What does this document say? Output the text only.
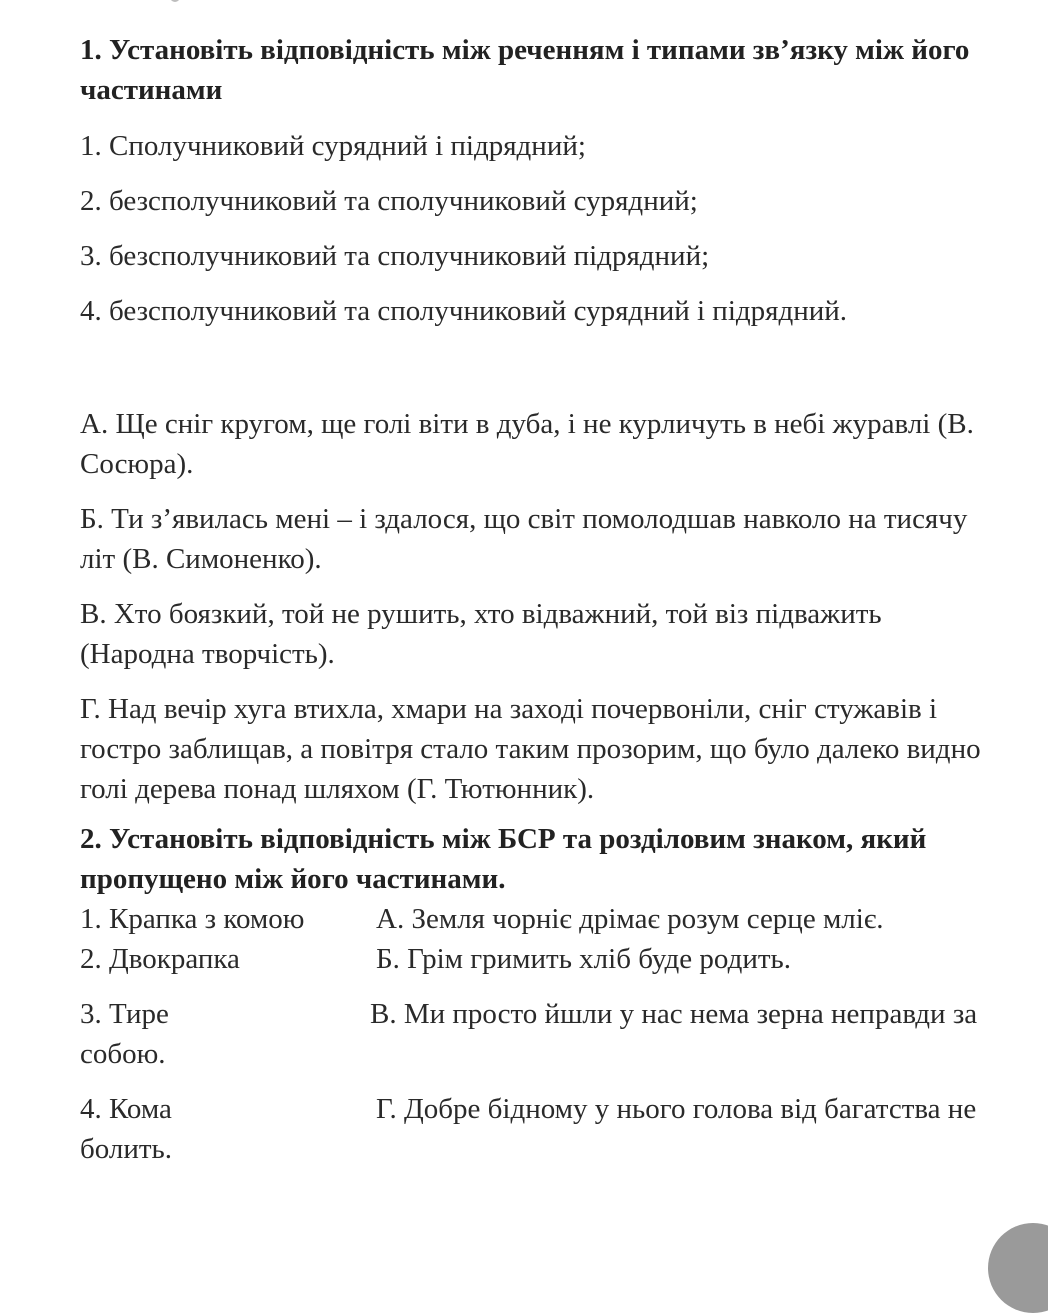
1. Установіть відповідність між реченням і типами зв’язку між його частинами

1. Сполучниковий сурядний і підрядний;

2. безсполучниковий та сполучниковий сурядний;

3. безсполучниковий та сполучниковий підрядний;

4. безсполучниковий та сполучниковий сурядний і підрядний.

А. Ще сніг кругом, ще голі віти в дуба, і не курличуть в небі журавлі (В. Сосюра).

Б. Ти з’явилась мені – і здалося, що світ помолодшав навколо на тисячу літ (В. Симоненко).

В. Хто боязкий, той не рушить, хто відважний, той віз підважить (Народна творчість).

Г. Над вечір хуга втихла, хмари на заході почервоніли, сніг стужавів і гостро заблищав, а повітря стало таким прозорим, що було далеко видно голі дерева понад шляхом (Г. Тютюнник).

2. Установіть відповідність між БСР та розділовим знаком, який пропущено між його частинами.

1. Крапка з комою А. Земля чорніє дрімає розум серце мліє.
2. Двокрапка	Б. Грім гримить хліб буде родить.

3. Тире	В. Ми просто йшли у нас нема зерна неправди за собою.

4. Кома	Г. Добре бідному у нього голова від багатства не болить.
